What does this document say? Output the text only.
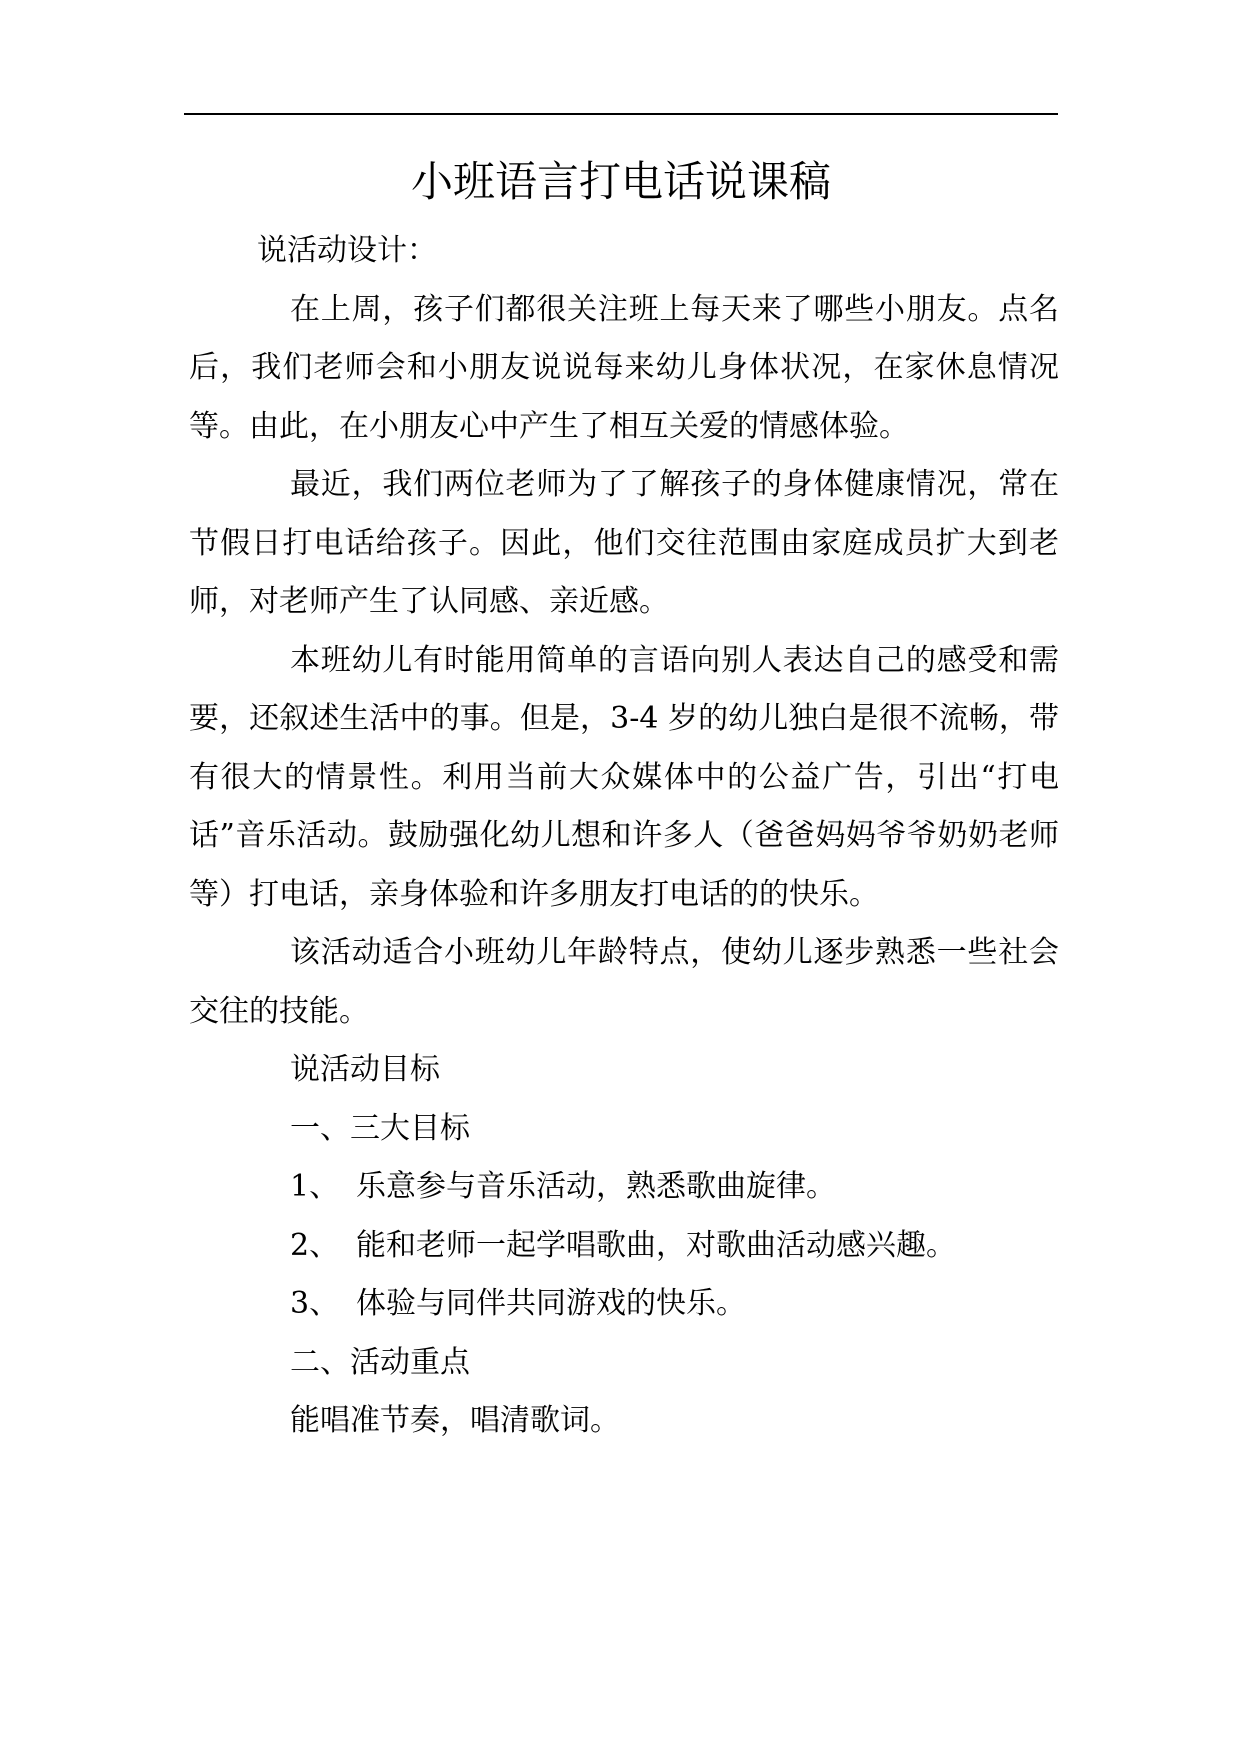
小班语言打电话说课稿

说活动设计：

在上周，孩子们都很关注班上每天来了哪些小朋友。点名后，我们老师会和小朋友说说每来幼儿身体状况，在家休息情况等。由此，在小朋友心中产生了相互关爱的情感体验。

最近，我们两位老师为了了解孩子的身体健康情况，常在节假日打电话给孩子。因此，他们交往范围由家庭成员扩大到老师，对老师产生了认同感、亲近感。

本班幼儿有时能用简单的言语向别人表达自己的感受和需要，还叙述生活中的事。但是，3-4 岁的幼儿独白是很不流畅，带有很大的情景性。利用当前大众媒体中的公益广告，引出“打电话”音乐活动。鼓励强化幼儿想和许多人（爸爸妈妈爷爷奶奶老师等）打电话，亲身体验和许多朋友打电话的的快乐。

该活动适合小班幼儿年龄特点，使幼儿逐步熟悉一些社会交往的技能。

说活动目标

一、三大目标

1、 乐意参与音乐活动，熟悉歌曲旋律。

2、 能和老师一起学唱歌曲，对歌曲活动感兴趣。

3、 体验与同伴共同游戏的快乐。

二、活动重点

能唱准节奏，唱清歌词。
